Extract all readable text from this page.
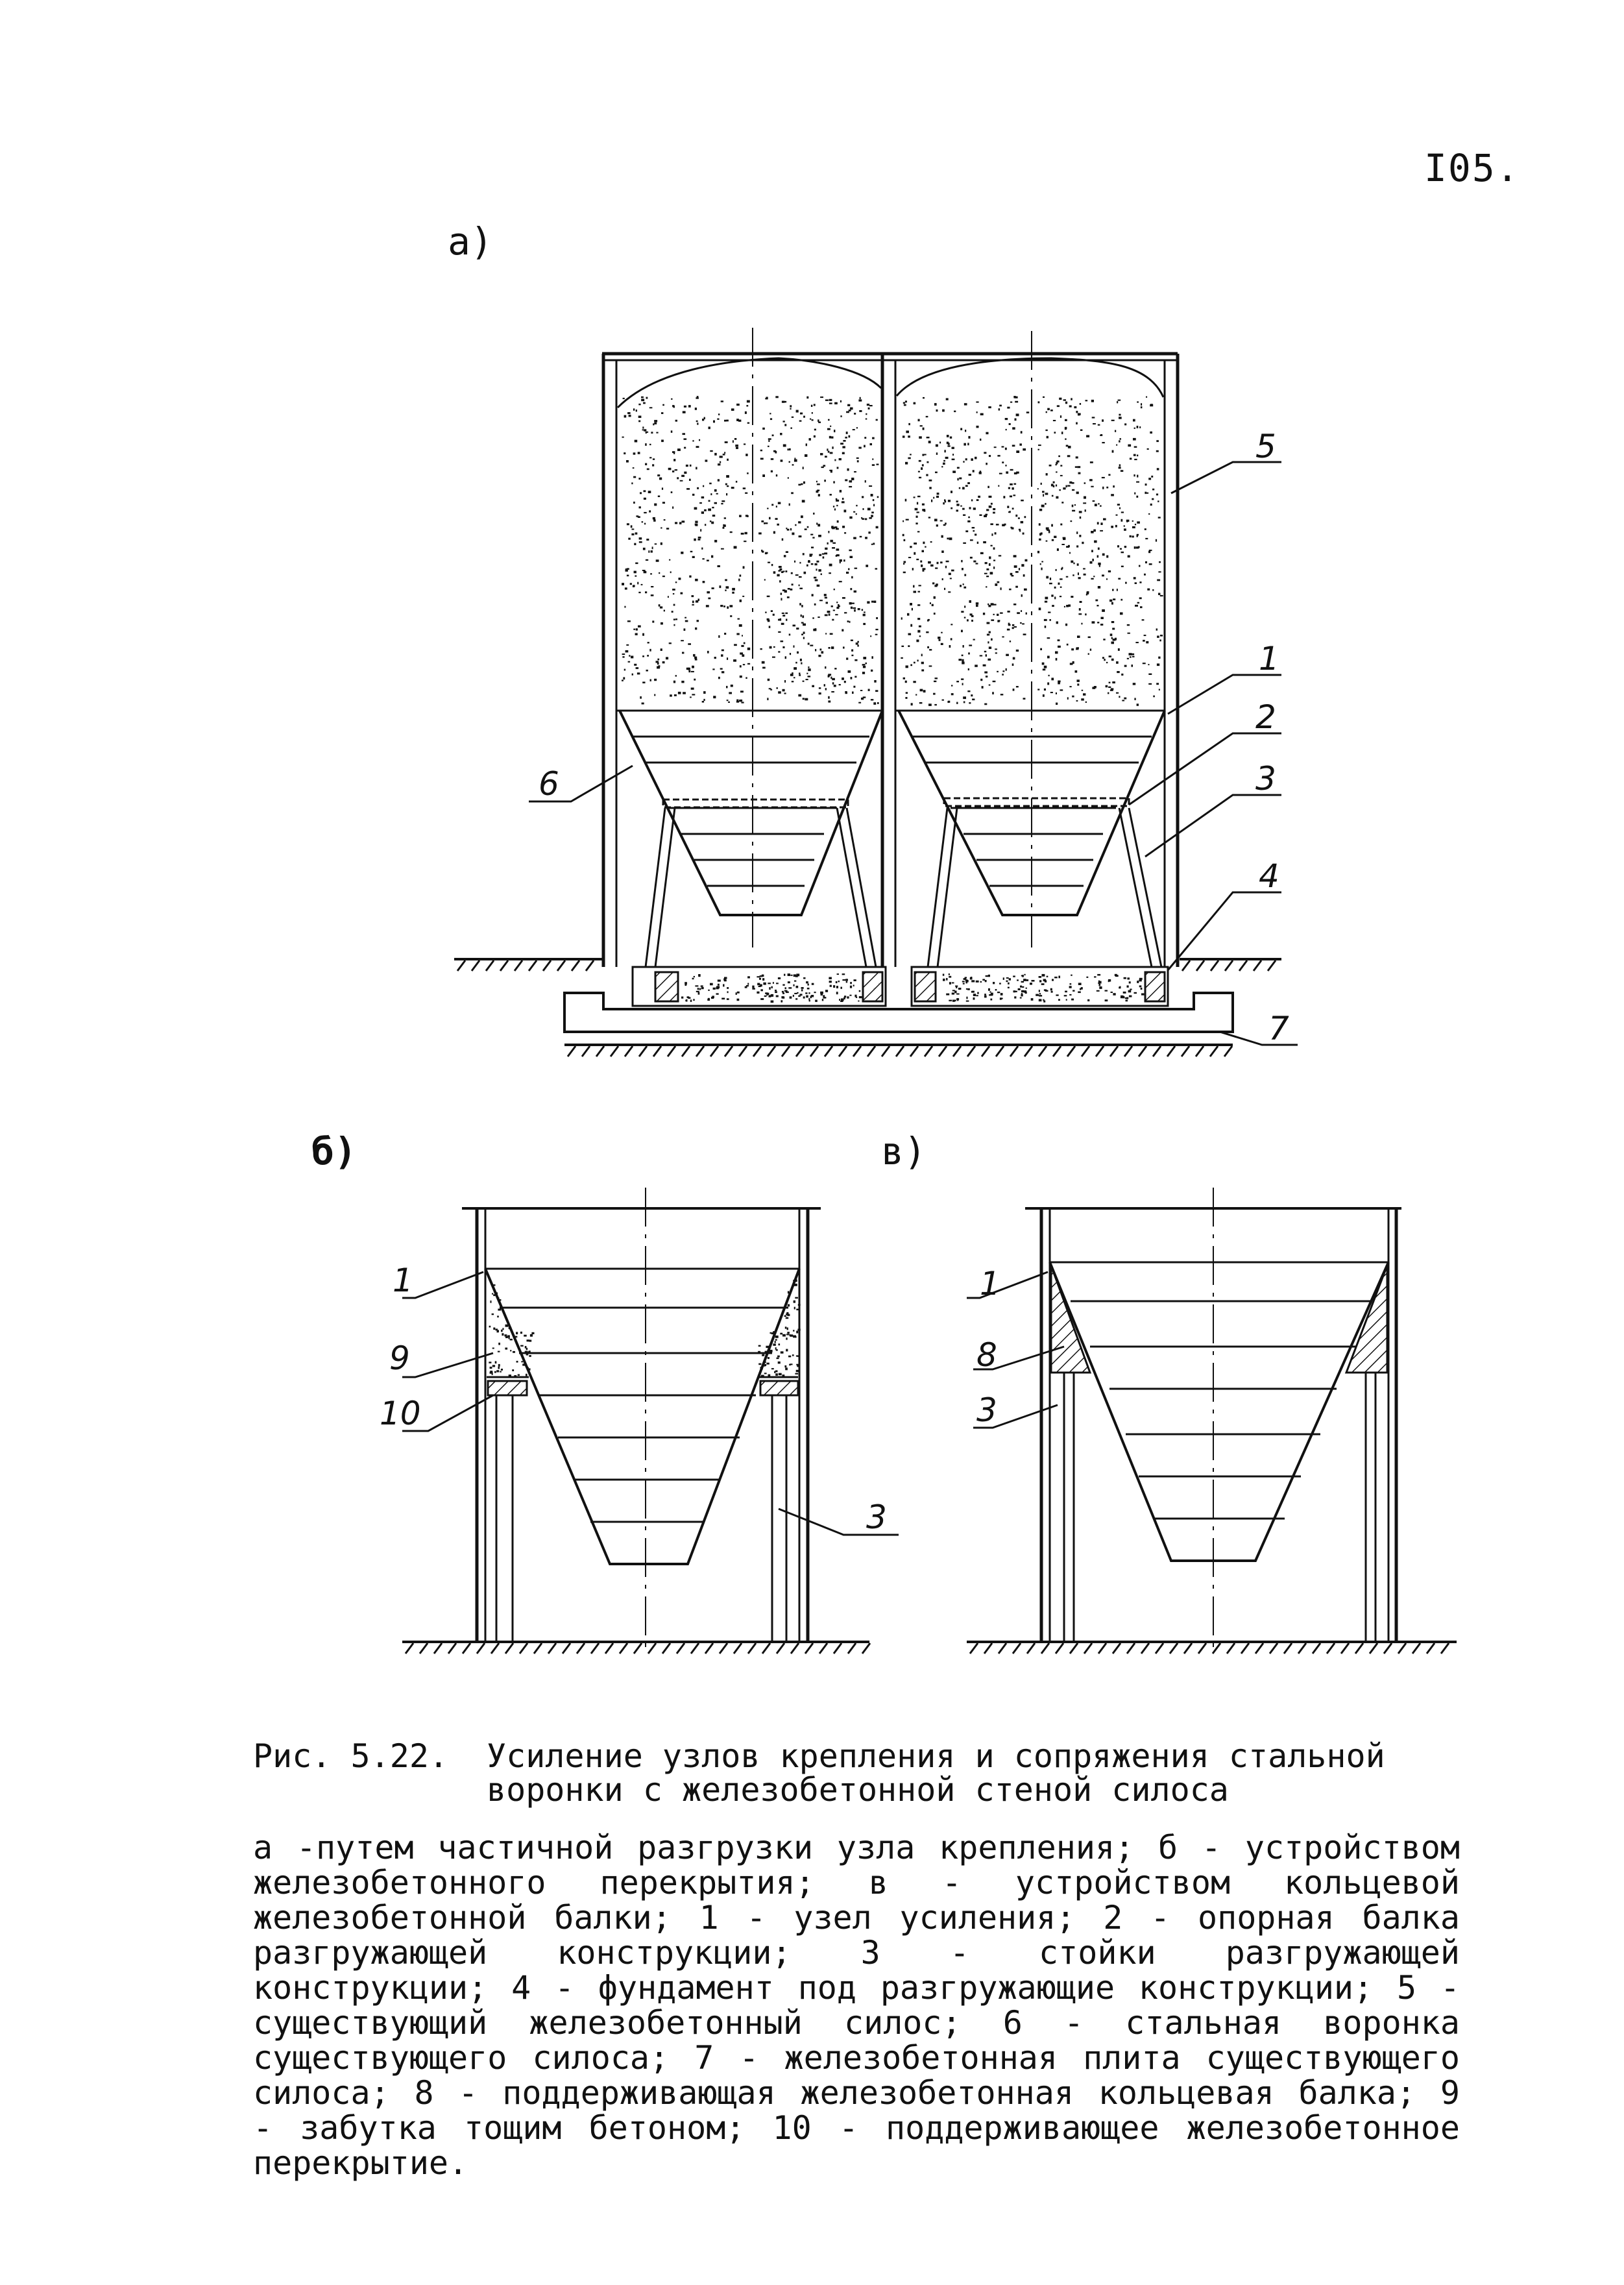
I05.
а)
б)	в)
5
1
2
3
6
4
7
1
9
10
3
1
8
3
Рис. 5.22. Усиление узлов крепления и сопряжения стальной
воронки с железобетонной стеной силоса
а -путем частичной разгрузки узла крепления; б - устройством железобетонного перекрытия; в - устройством кольцевой железобетонной балки; 1 - узел усиления; 2 - опорная балка разгружающей конструкции; 3 - стойки разгружающей конструкции; 4 - фундамент под разгружающие конструкции; 5 - существующий железобетонный силос; 6 - стальная воронка существующего силоса; 7 - железобетонная плита существующего силоса; 8 - поддерживающая железобетонная кольцевая балка; 9 - забутка тощим бетоном; 10 - поддерживающее железобетонное перекрытие.
